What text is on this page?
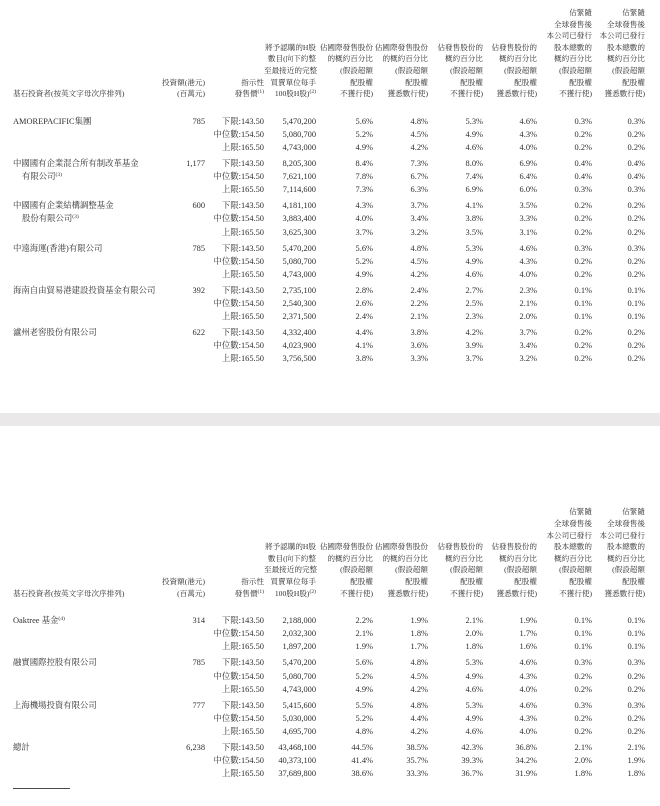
基石投資者(按英文字母次序排列)

投資額(港元)
(百萬元)

指示性
發售價$^{(1)}$

將予認購的H股
數目(向下約整
至最接近的完整
買賣單位每手
100股H股)$^{(2)}$

佔國際發售股份
的概約百分比
(假設超額
配股權
不獲行使)

佔國際發售股份
的概約百分比
(假設超額
配股權
獲悉數行使)

佔發售股份的
概約百分比
(假設超額
配股權
不獲行使)

佔發售股份的
概約百分比
(假設超額
配股權
獲悉數行使)

佔緊隨
全球發售後
本公司已發行
股本總數的
概約百分比
(假設超額
配股權
不獲行使)

佔緊隨
全球發售後
本公司已發行
股本總數的
概約百分比
(假設超額
配股權
獲悉數行使)

AMOREPACIFIC集團	785	下限:143.50	5,470,200	5.6%	4.8%	5.3%	4.6%	0.3%	0.3%
		中位數:154.50	5,080,700	5.2%	4.5%	4.9%	4.3%	0.2%	0.2%
		上限:165.50	4,743,000	4.9%	4.2%	4.6%	4.0%	0.2%	0.2%

中國國有企業混合所有制改革基金
有限公司$^{(3)}$	1,177	下限:143.50	8,205,300	8.4%	7.3%	8.0%	6.9%	0.4%	0.4%
		中位數:154.50	7,621,100	7.8%	6.7%	7.4%	6.4%	0.4%	0.4%
		上限:165.50	7,114,600	7.3%	6.3%	6.9%	6.0%	0.3%	0.3%

中國國有企業結構調整基金
股份有限公司$^{(3)}$	600	下限:143.50	4,181,100	4.3%	3.7%	4.1%	3.5%	0.2%	0.2%
		中位數:154.50	3,883,400	4.0%	3.4%	3.8%	3.3%	0.2%	0.2%
		上限:165.50	3,625,300	3.7%	3.2%	3.5%	3.1%	0.2%	0.2%

中遠海運(香港)有限公司	785	下限:143.50	5,470,200	5.6%	4.8%	5.3%	4.6%	0.3%	0.3%
		中位數:154.50	5,080,700	5.2%	4.5%	4.9%	4.3%	0.2%	0.2%
		上限:165.50	4,743,000	4.9%	4.2%	4.6%	4.0%	0.2%	0.2%

海南自由貿易港建設投資基金有限公司	392	下限:143.50	2,735,100	2.8%	2.4%	2.7%	2.3%	0.1%	0.1%
		中位數:154.50	2,540,300	2.6%	2.2%	2.5%	2.1%	0.1%	0.1%
		上限:165.50	2,371,500	2.4%	2.1%	2.3%	2.0%	0.1%	0.1%

瀘州老窖股份有限公司	622	下限:143.50	4,332,400	4.4%	3.8%	4.2%	3.7%	0.2%	0.2%
		中位數:154.50	4,023,900	4.1%	3.6%	3.9%	3.4%	0.2%	0.2%
		上限:165.50	3,756,500	3.8%	3.3%	3.7%	3.2%	0.2%	0.2%
基石投資者(按英文字母次序排列)

投資額(港元)
(百萬元)

指示性
發售價$^{(1)}$

將予認購的H股
數目(向下約整
至最接近的完整
買賣單位每手
100股H股)$^{(2)}$

佔國際發售股份
的概約百分比
(假設超額
配股權
不獲行使)

佔國際發售股份
的概約百分比
(假設超額
配股權
獲悉數行使)

佔發售股份的
概約百分比
(假設超額
配股權
不獲行使)

佔發售股份的
概約百分比
(假設超額
配股權
獲悉數行使)

佔緊隨
全球發售後
本公司已發行
股本總數的
概約百分比
(假設超額
配股權
不獲行使)

佔緊隨
全球發售後
本公司已發行
股本總數的
概約百分比
(假設超額
配股權
獲悉數行使)

Oaktree 基金$^{(4)}$	314	下限:143.50	2,188,000	2.2%	1.9%	2.1%	1.9%	0.1%	0.1%
		中位數:154.50	2,032,300	2.1%	1.8%	2.0%	1.7%	0.1%	0.1%
		上限:165.50	1,897,200	1.9%	1.7%	1.8%	1.6%	0.1%	0.1%

融實國際控股有限公司	785	下限:143.50	5,470,200	5.6%	4.8%	5.3%	4.6%	0.3%	0.3%
		中位數:154.50	5,080,700	5.2%	4.5%	4.9%	4.3%	0.2%	0.2%
		上限:165.50	4,743,000	4.9%	4.2%	4.6%	4.0%	0.2%	0.2%

上海機場投資有限公司	777	下限:143.50	5,415,600	5.5%	4.8%	5.3%	4.6%	0.3%	0.3%
		中位數:154.50	5,030,000	5.2%	4.4%	4.9%	4.3%	0.2%	0.2%
		上限:165.50	4,695,700	4.8%	4.2%	4.6%	4.0%	0.2%	0.2%

總計	6,238	下限:143.50	43,468,100	44.5%	38.5%	42.3%	36.8%	2.1%	2.1%
		中位數:154.50	40,373,100	41.4%	35.7%	39.3%	34.2%	2.0%	1.9%
		上限:165.50	37,689,800	38.6%	33.3%	36.7%	31.9%	1.8%	1.8%
